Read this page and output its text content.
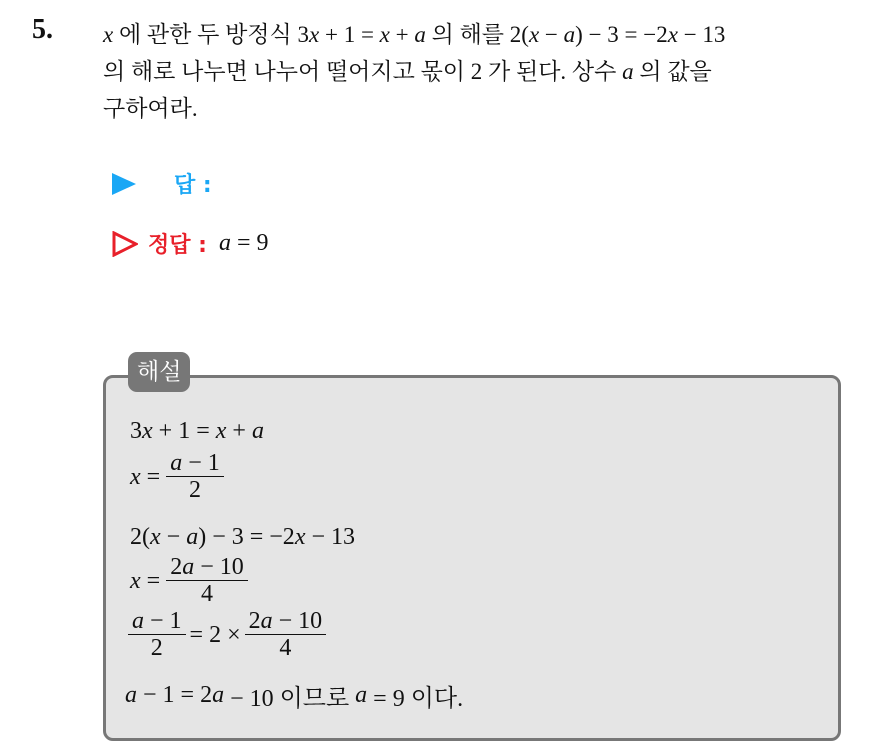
5. x 에 관한 두 방정식 3x + 1 = x + a 의 해를 2(x − a) − 3 = −2x − 13
의 해로 나누면 나누어 떨어지고 몫이 2 가 된다. 상수 a 의 값을
구하여라.
답 :
정답 : a = 9
해설
3 x + 1 = x + a
$x = \frac{a - 1}{2}$
2( x − a ) − 3 = −2 x − 13
$x = \frac{2a - 10}{4}$
$\frac{a - 1}{2} = 2 \times \frac{2a - 10}{4}$
a − 1 = 2 a − 10 이므로 a = 9 이다.
